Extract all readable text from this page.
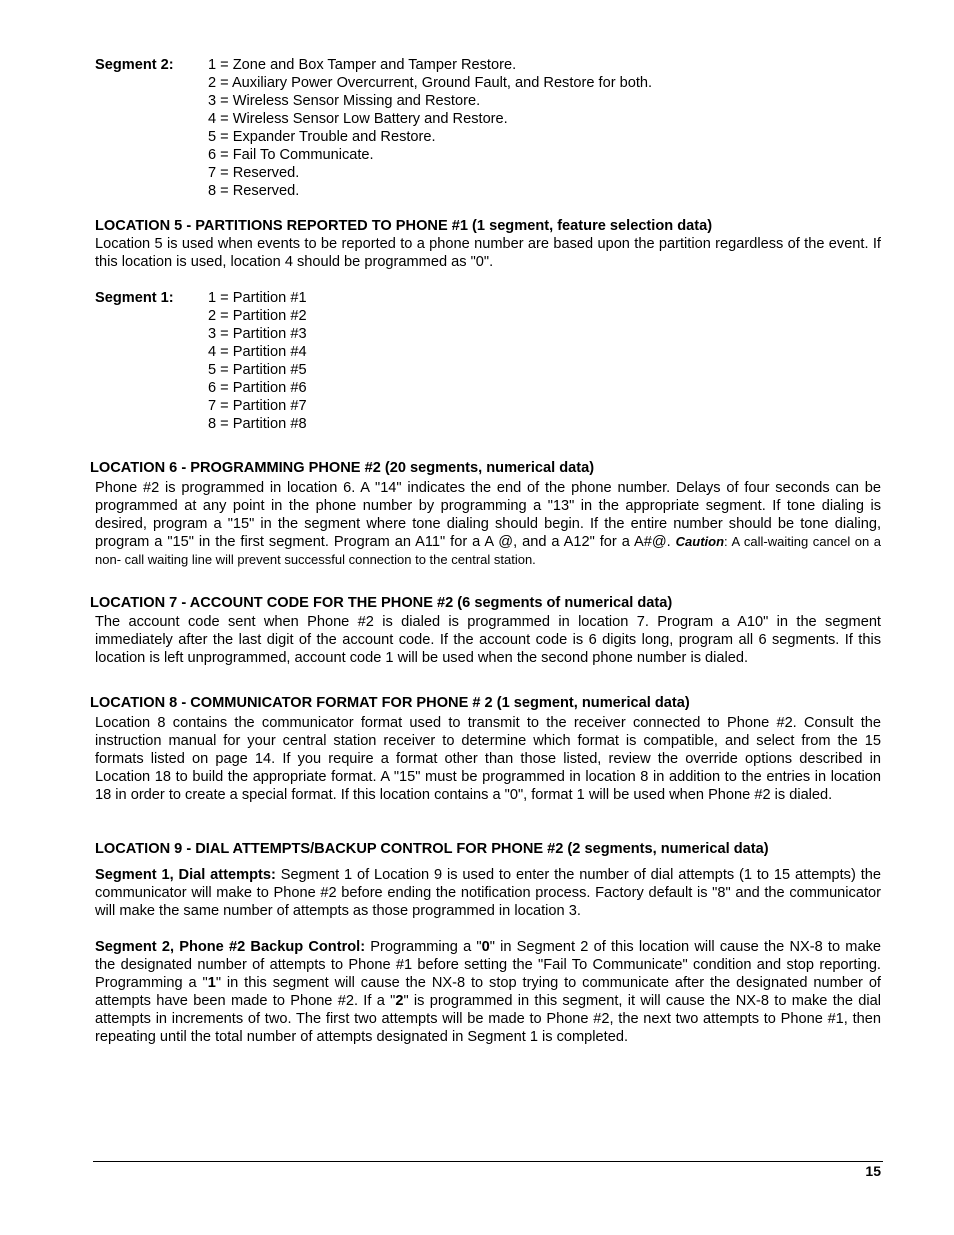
Segment 2: 1 = Zone and Box Tamper and Tamper Restore.
2 = Auxiliary Power Overcurrent, Ground Fault, and Restore for both.
3 = Wireless Sensor Missing and Restore.
4 = Wireless Sensor Low Battery and Restore.
5 = Expander Trouble and Restore.
6 = Fail To Communicate.
7 = Reserved.
8 = Reserved.
LOCATION 5 - PARTITIONS REPORTED TO PHONE #1 (1 segment, feature selection data)
Location 5 is used when events to be reported to a phone number are based upon the partition regardless of the event. If this location is used, location 4 should be programmed as "0".
Segment 1: 1 = Partition #1
2 = Partition #2
3 = Partition #3
4 = Partition #4
5 = Partition #5
6 = Partition #6
7 = Partition #7
8 = Partition #8
LOCATION 6 - PROGRAMMING PHONE #2 (20 segments, numerical data)
Phone #2 is programmed in location 6. A "14" indicates the end of the phone number. Delays of four seconds can be programmed at any point in the phone number by programming a "13" in the appropriate segment. If tone dialing is desired, program a "15" in the segment where tone dialing should begin. If the entire number should be tone dialing, program a "15" in the first segment. Program an A11" for a A @, and a A12" for a A#@. Caution: A call-waiting cancel on a non- call waiting line will prevent successful connection to the central station.
LOCATION 7 - ACCOUNT CODE FOR THE PHONE #2 (6 segments of numerical data)
The account code sent when Phone #2 is dialed is programmed in location 7. Program a A10" in the segment immediately after the last digit of the account code. If the account code is 6 digits long, program all 6 segments. If this location is left unprogrammed, account code 1 will be used when the second phone number is dialed.
LOCATION 8 - COMMUNICATOR FORMAT FOR PHONE # 2 (1 segment, numerical data)
Location 8 contains the communicator format used to transmit to the receiver connected to Phone #2. Consult the instruction manual for your central station receiver to determine which format is compatible, and select from the 15 formats listed on page 14. If you require a format other than those listed, review the override options described in Location 18 to build the appropriate format. A "15" must be programmed in location 8 in addition to the entries in location 18 in order to create a special format. If this location contains a "0", format 1 will be used when Phone #2 is dialed.
LOCATION 9 - DIAL ATTEMPTS/BACKUP CONTROL FOR PHONE #2 (2 segments, numerical data)
Segment 1, Dial attempts: Segment 1 of Location 9 is used to enter the number of dial attempts (1 to 15 attempts) the communicator will make to Phone #2 before ending the notification process. Factory default is "8" and the communicator will make the same number of attempts as those programmed in location 3.
Segment 2, Phone #2 Backup Control: Programming a "0" in Segment 2 of this location will cause the NX-8 to make the designated number of attempts to Phone #1 before setting the "Fail To Communicate" condition and stop reporting. Programming a "1" in this segment will cause the NX-8 to stop trying to communicate after the designated number of attempts have been made to Phone #2. If a "2" is programmed in this segment, it will cause the NX-8 to make the dial attempts in increments of two. The first two attempts will be made to Phone #2, the next two attempts to Phone #1, then repeating until the total number of attempts designated in Segment 1 is completed.
15
